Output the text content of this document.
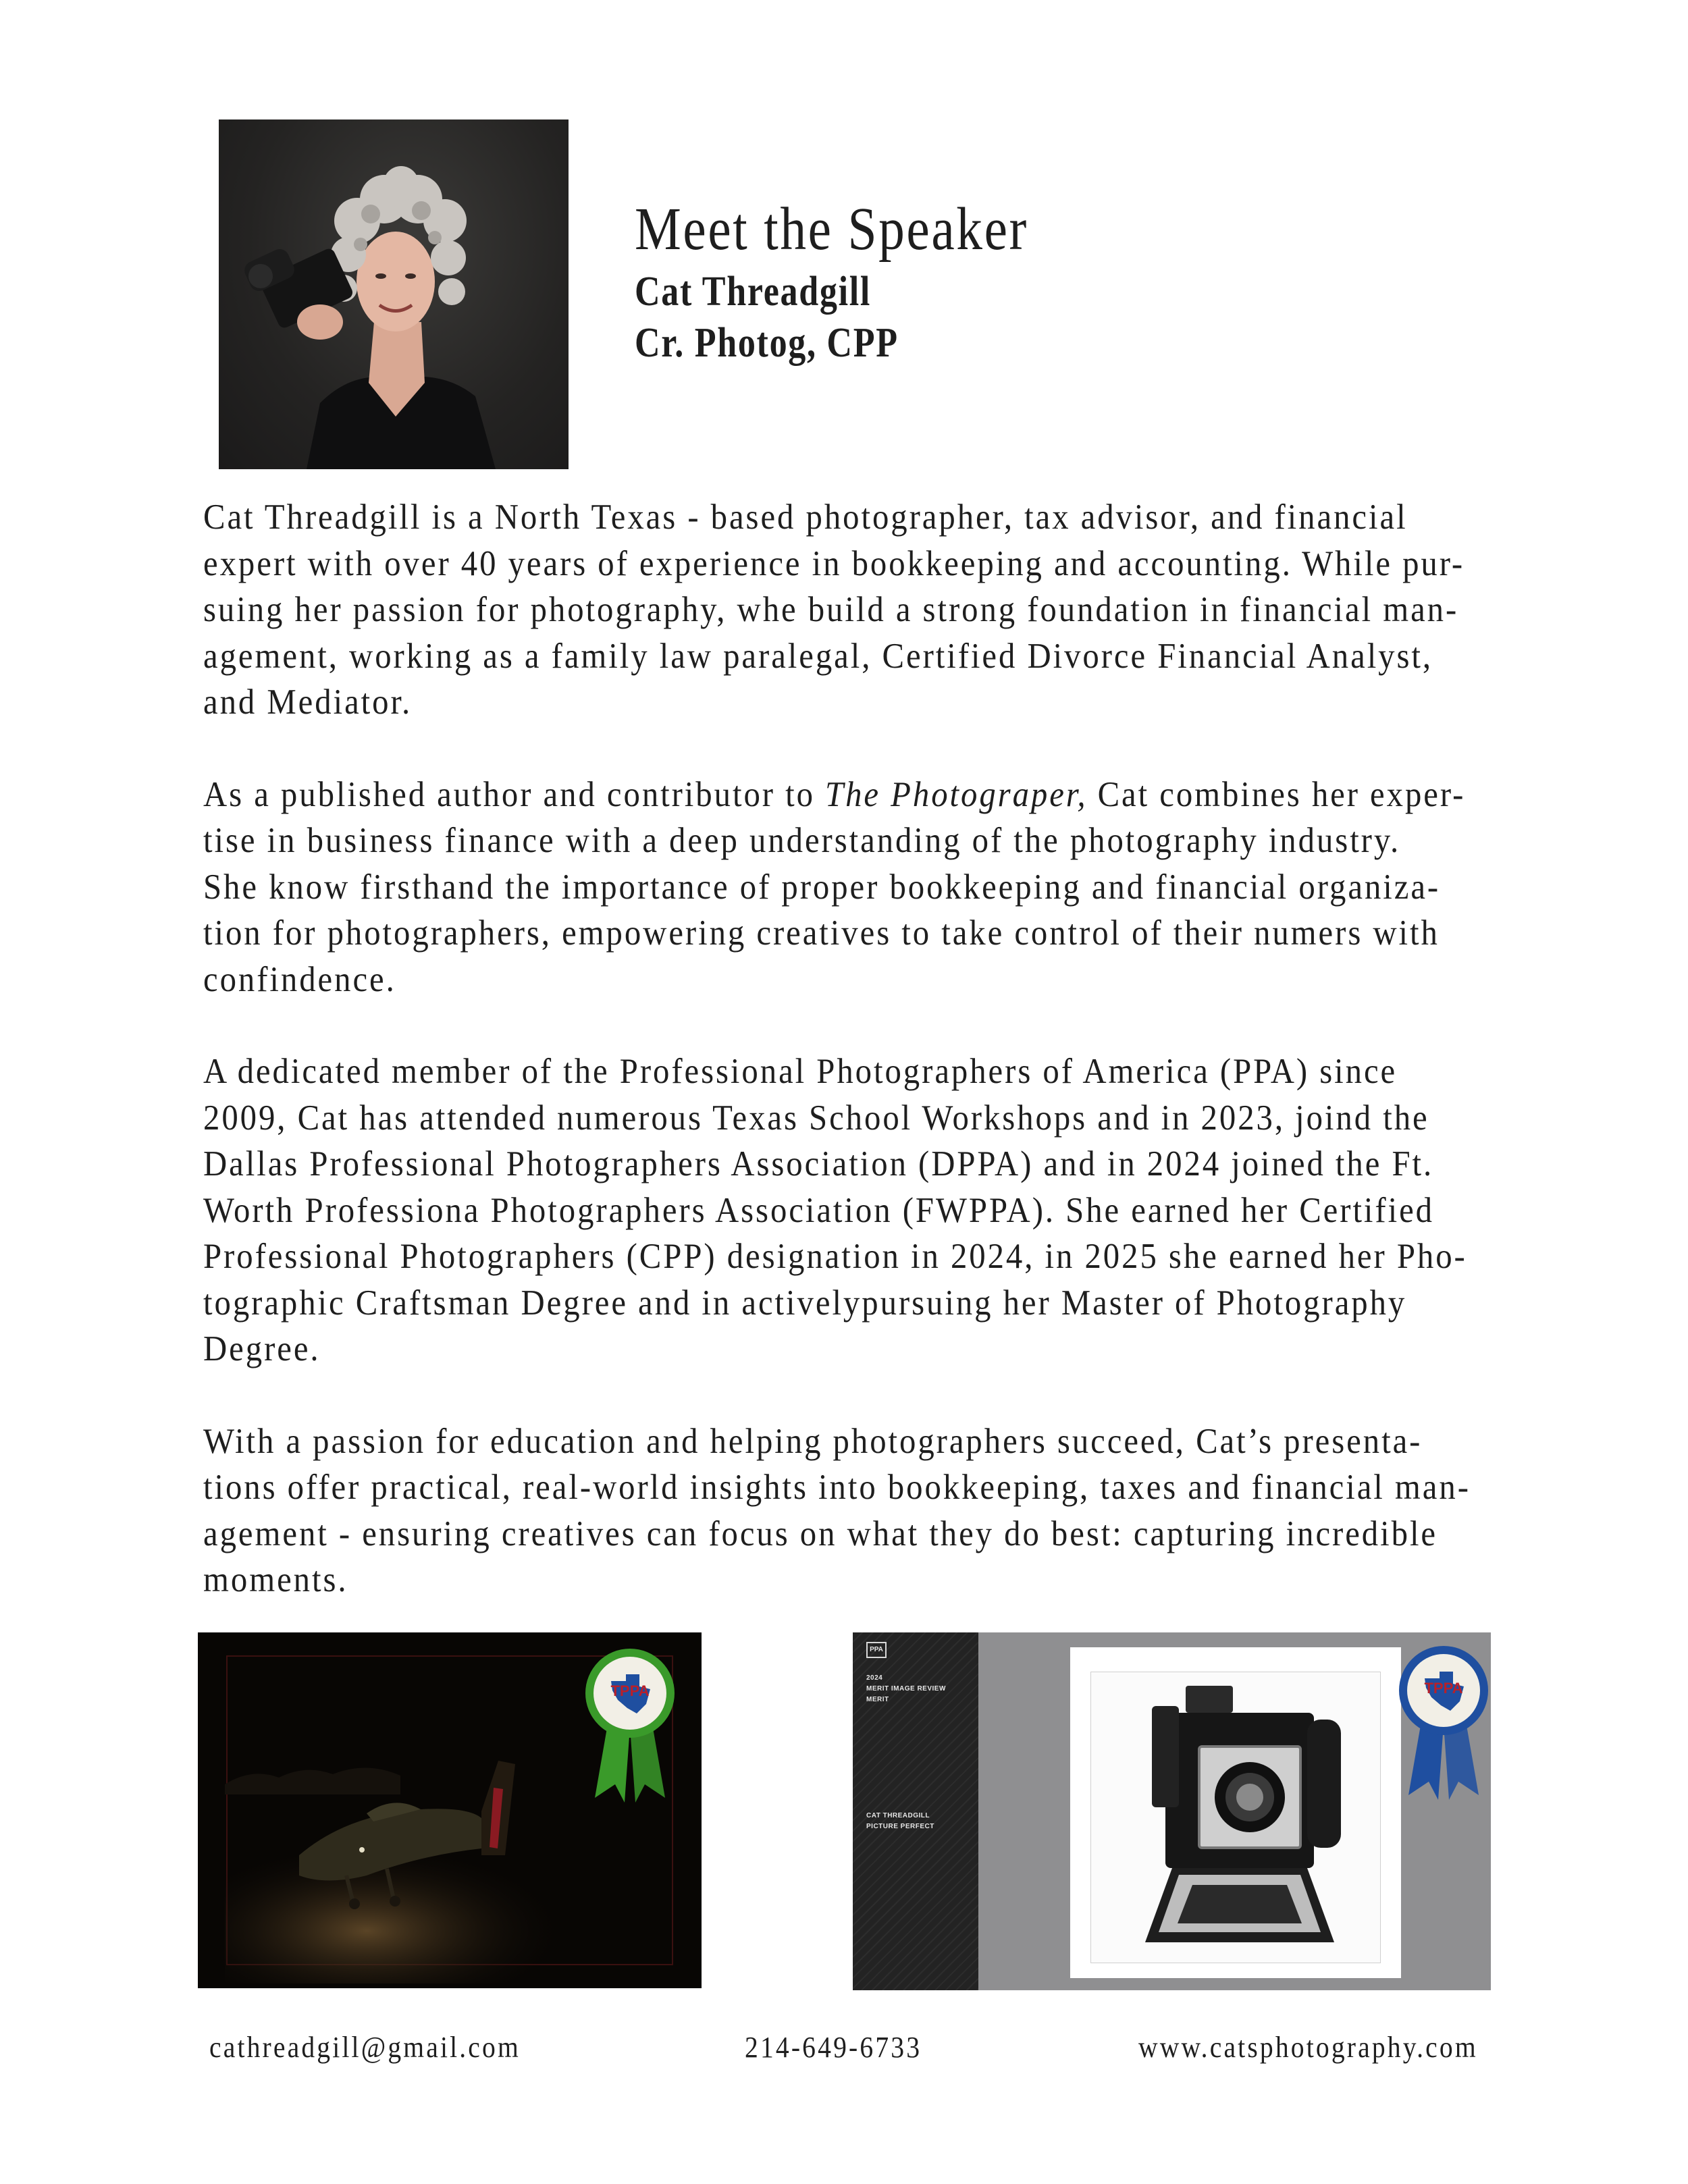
Meet the Speaker
Cat Threadgill
Cr. Photog, CPP
Cat Threadgill is a North Texas - based photographer, tax advisor, and financial
expert with over 40 years of experience in bookkeeping and accounting. While pur-
suing her passion for photography, whe build a strong foundation in financial man-
agement, working as a family law paralegal, Certified Divorce Financial Analyst,
and Mediator.
As a published author and contributor to The Photograper, Cat combines her exper-
tise in business finance with a deep understanding of the photography industry.
She know firsthand the importance of proper bookkeeping and financial organiza-
tion for photographers, empowering creatives to take control of their numers with
confindence.
A dedicated member of the Professional Photographers of America (PPA) since
2009, Cat has attended numerous Texas School Workshops and in 2023, joind the
Dallas Professional Photographers Association (DPPA) and in 2024 joined the Ft.
Worth Professiona Photographers Association (FWPPA). She earned her Certified
Professional Photographers (CPP) designation in 2024, in 2025 she earned her Pho-
tographic Craftsman Degree and in activelypursuing her Master of Photography
Degree.
With a passion for education and helping photographers succeed, Cat’s presenta-
tions offer practical, real-world insights into bookkeeping, taxes and financial man-
agement - ensuring creatives can focus on what they do best: capturing incredible
moments.
TPPA
PPA
2024
MERIT IMAGE REVIEW
MERIT
CAT THREADGILL
PICTURE PERFECT
TPPA
cathreadgill@gmail.com	214-649-6733	www.catsphotography.com
